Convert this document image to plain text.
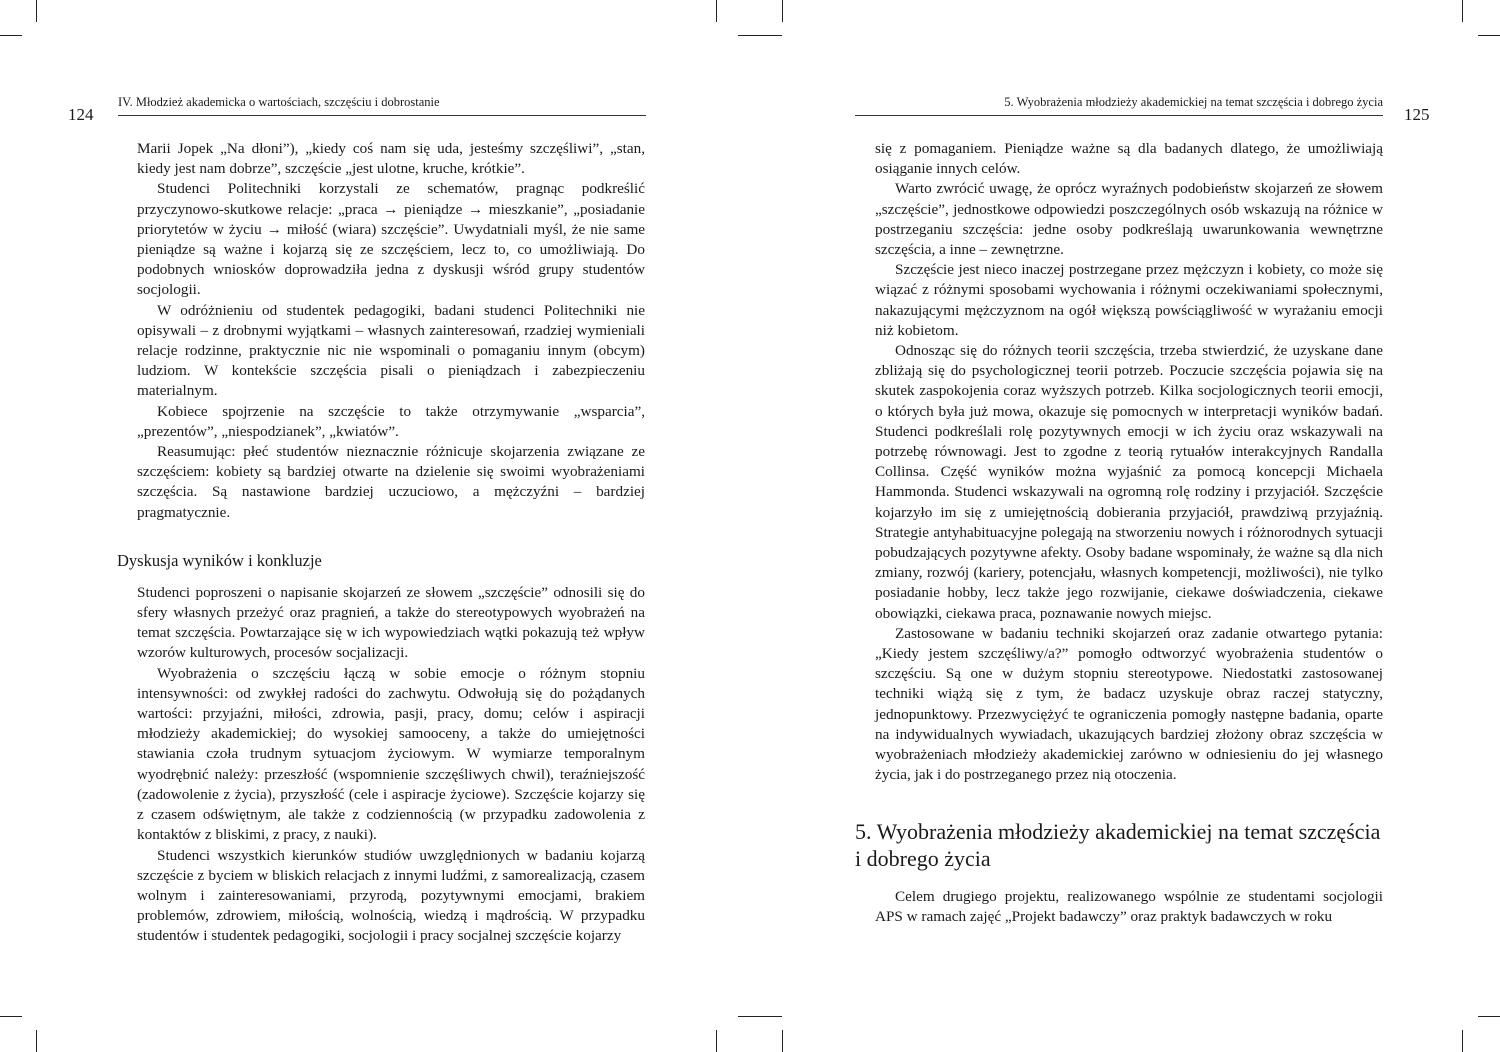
124
IV. Młodzież akademicka o wartościach, szczęściu i dobrostanie

Marii Jopek „Na dłoni”), „kiedy coś nam się uda, jesteśmy szczęśliwi”, „stan, kiedy jest nam dobrze”, szczęście „jest ulotne, kruche, krótkie”.

Studenci Politechniki korzystali ze schematów, pragnąc podkreślić przyczynowo-skutkowe relacje: „praca → pieniądze → mieszkanie”, „posiadanie priorytetów w życiu → miłość (wiara) szczęście”. Uwydatniali myśl, że nie same pieniądze są ważne i kojarzą się ze szczęściem, lecz to, co umożliwiają. Do podobnych wniosków doprowadziła jedna z dyskusji wśród grupy studentów socjologii.

W odróżnieniu od studentek pedagogiki, badani studenci Politechniki nie opisywali – z drobnymi wyjątkami – własnych zainteresowań, rzadziej wymieniali relacje rodzinne, praktycznie nic nie wspominali o pomaganiu innym (obcym) ludziom. W kontekście szczęścia pisali o pieniądzach i zabezpieczeniu materialnym.

Kobiece spojrzenie na szczęście to także otrzymywanie „wsparcia”, „prezentów”, „niespodzianek”, „kwiatów”.

Reasumując: płeć studentów nieznacznie różnicuje skojarzenia związane ze szczęściem: kobiety są bardziej otwarte na dzielenie się swoimi wyobrażeniami szczęścia. Są nastawione bardziej uczuciowo, a mężczyźni – bardziej pragmatycznie.

Dyskusja wyników i konkluzje

Studenci poproszeni o napisanie skojarzeń ze słowem „szczęście” odnosili się do sfery własnych przeżyć oraz pragnień, a także do stereotypowych wyobrażeń na temat szczęścia. Powtarzające się w ich wypowiedziach wątki pokazują też wpływ wzorów kulturowych, procesów socjalizacji.

Wyobrażenia o szczęściu łączą w sobie emocje o różnym stopniu intensywności: od zwykłej radości do zachwytu. Odwołują się do pożądanych wartości: przyjaźni, miłości, zdrowia, pasji, pracy, domu; celów i aspiracji młodzieży akademickiej; do wysokiej samooceny, a także do umiejętności stawiania czoła trudnym sytuacjom życiowym. W wymiarze temporalnym wyodrębnić należy: przeszłość (wspomnienie szczęśliwych chwil), teraźniejszość (zadowolenie z życia), przyszłość (cele i aspiracje życiowe). Szczęście kojarzy się z czasem odświętnym, ale także z codziennością (w przypadku zadowolenia z kontaktów z bliskimi, z pracy, z nauki).

Studenci wszystkich kierunków studiów uwzględnionych w badaniu kojarzą szczęście z byciem w bliskich relacjach z innymi ludźmi, z samorealizacją, czasem wolnym i zainteresowaniami, przyrodą, pozytywnymi emocjami, brakiem problemów, zdrowiem, miłością, wolnością, wiedzą i mądrością. W przypadku studentów i studentek pedagogiki, socjologii i pracy socjalnej szczęście kojarzy

125
5. Wyobrażenia młodzieży akademickiej na temat szczęścia i dobrego życia

się z pomaganiem. Pieniądze ważne są dla badanych dlatego, że umożliwiają osiąganie innych celów.

Warto zwrócić uwagę, że oprócz wyraźnych podobieństw skojarzeń ze słowem „szczęście”, jednostkowe odpowiedzi poszczególnych osób wskazują na różnice w postrzeganiu szczęścia: jedne osoby podkreślają uwarunkowania wewnętrzne szczęścia, a inne – zewnętrzne.

Szczęście jest nieco inaczej postrzegane przez mężczyzn i kobiety, co może się wiązać z różnymi sposobami wychowania i różnymi oczekiwaniami społecznymi, nakazującymi mężczyznom na ogół większą powściągliwość w wyrażaniu emocji niż kobietom.

Odnosząc się do różnych teorii szczęścia, trzeba stwierdzić, że uzyskane dane zbliżają się do psychologicznej teorii potrzeb. Poczucie szczęścia pojawia się na skutek zaspokojenia coraz wyższych potrzeb. Kilka socjologicznych teorii emocji, o których była już mowa, okazuje się pomocnych w interpretacji wyników badań. Studenci podkreślali rolę pozytywnych emocji w ich życiu oraz wskazywali na potrzebę równowagi. Jest to zgodne z teorią rytuałów interakcyjnych Randalla Collinsa. Część wyników można wyjaśnić za pomocą koncepcji Michaela Hammonda. Studenci wskazywali na ogromną rolę rodziny i przyjaciół. Szczęście kojarzyło im się z umiejętnością dobierania przyjaciół, prawdziwą przyjaźnią. Strategie antyhabituacyjne polegają na stworzeniu nowych i różnorodnych sytuacji pobudzających pozytywne afekty. Osoby badane wspominały, że ważne są dla nich zmiany, rozwój (kariery, potencjału, własnych kompetencji, możliwości), nie tylko posiadanie hobby, lecz także jego rozwijanie, ciekawe doświadczenia, ciekawe obowiązki, ciekawa praca, poznawanie nowych miejsc.

Zastosowane w badaniu techniki skojarzeń oraz zadanie otwartego pytania: „Kiedy jestem szczęśliwy/a?” pomogło odtworzyć wyobrażenia studentów o szczęściu. Są one w dużym stopniu stereotypowe. Niedostatki zastosowanej techniki wiążą się z tym, że badacz uzyskuje obraz raczej statyczny, jednopunktowy. Przezwyciężyć te ograniczenia pomogły następne badania, oparte na indywidualnych wywiadach, ukazujących bardziej złożony obraz szczęścia w wyobrażeniach młodzieży akademickiej zarówno w odniesieniu do jej własnego życia, jak i do postrzeganego przez nią otoczenia.

5. Wyobrażenia młodzieży akademickiej na temat szczęścia i dobrego życia

Celem drugiego projektu, realizowanego wspólnie ze studentami socjologii APS w ramach zajęć „Projekt badawczy” oraz praktyk badawczych w roku
